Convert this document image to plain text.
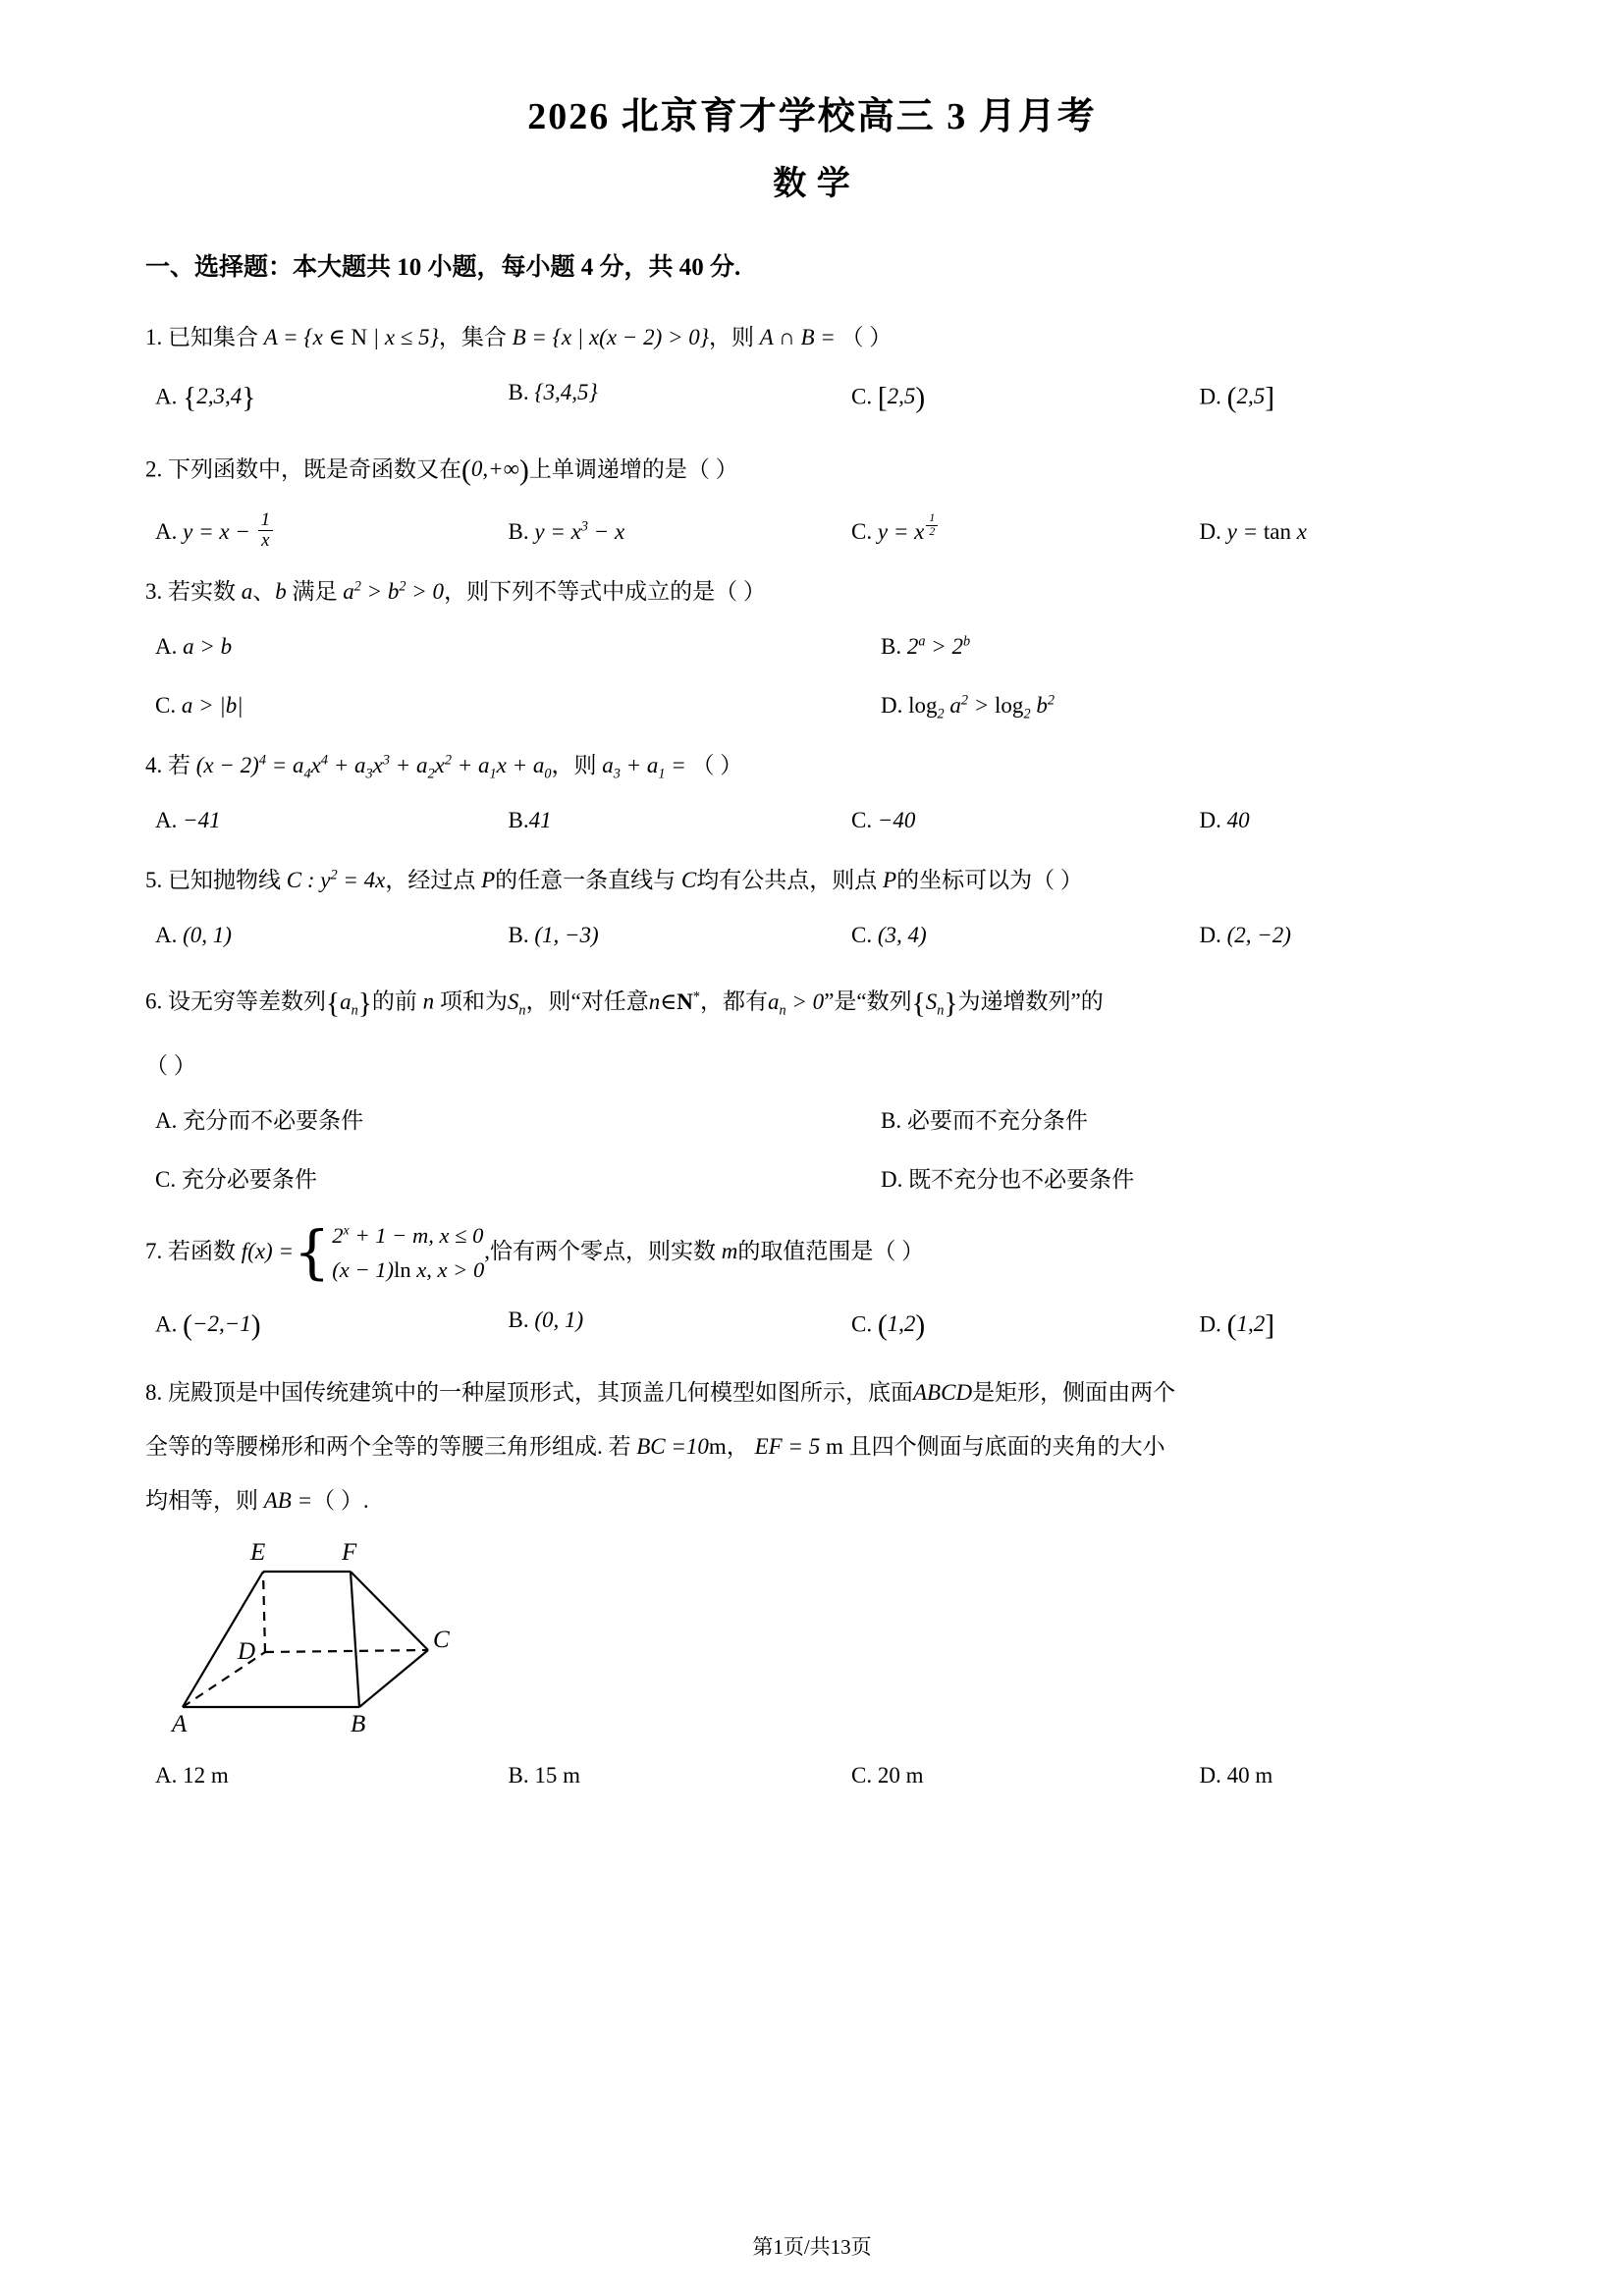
2026 北京育才学校高三 3 月月考
数 学
一、选择题：本大题共 10 小题，每小题 4 分，共 40 分.
1. 已知集合 A = {x ∈ N | x ≤ 5}，集合 B = {x | x(x − 2) > 0}，则 A ∩ B = （ ）
A. {2,3,4}	B. {3,4,5}	C. [2,5)	D. (2,5]
2. 下列函数中，既是奇函数又在(0,+∞)上单调递增的是（ ）
A. $y = x - \frac{1}{x}$	B. $y = x^3 - x$	C. y = x $^{\frac{1}{2}}$	D. y = tan x
3. 若实数 a、b 满足 $a^2 > b^2 > 0$，则下列不等式中成立的是（ ）
A. a > b	B. $2^a > 2^b$
C. a > |b|	D. $\log_2 a^2 > \log_2 b^2$
4. 若 $(x - 2)^4 = a_4x^4 + a_3x^3 + a_2x^2 + a_1x + a_0$，则 $a_3 + a_1$ = （ ）
A. −41	B.41	C. −40	D. 40
5. 已知抛物线 C : $y^2 = 4x$，经过点 P的任意一条直线与 C均有公共点，则点 P的坐标可以为（ ）
A. (0, 1)	B. (1, −3)	C. (3, 4)	D. (2, −2)
6. 设无穷等差数列$\{a_n\}$的前 n 项和为$S_n$，则“对任意n∈N*，都有$a_n > 0$”是“数列$\{S_n\}$为递增数列”的
（ ）
A. 充分而不必要条件	B. 必要而不充分条件
C. 充分必要条件	D. 既不充分也不必要条件
7. 若函数 f(x) = { $2^x + 1 - m$, x ≤ 0
(x − 1)ln x, x > 0
,恰有两个零点，则实数 m的取值范围是（ ）
A. (−2,−1)	B. (0, 1)	C. (1,2)	D. (1,2]
8. 庑殿顶是中国传统建筑中的一种屋顶形式，其顶盖几何模型如图所示，底面ABCD是矩形，侧面由两个
全等的等腰梯形和两个全等的等腰三角形组成. 若 BC =10m， EF = 5 m 且四个侧面与底面的夹角的大小
均相等，则 AB =（ ）.
E	F
D	C
A	B
A. 12 m	B. 15 m	C. 20 m	D. 40 m
第1页/共13页
